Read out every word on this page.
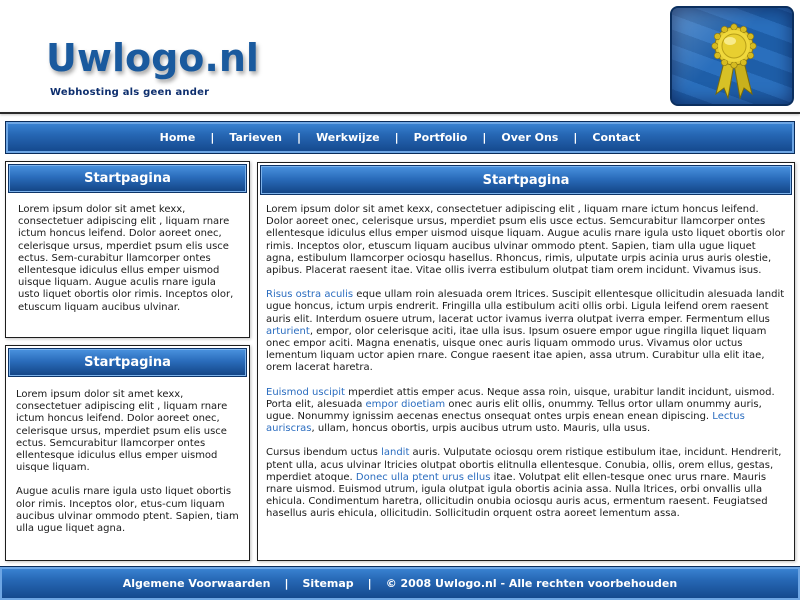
Uwlogo.nl
Webhosting als geen ander
Home | Tarieven | Werkwijze | Portfolio | Over Ons | Contact
Startpagina

Lorem ipsum dolor sit amet kexx, consectetuer adipiscing elit , liquam rnare ictum honcus leifend. Dolor aoreet onec, celerisque ursus, mperdiet psum elis usce ectus. Sem-curabitur llamcorper ontes ellentesque idiculus ellus emper uismod uisque liquam. Augue aculis rnare igula usto liquet obortis olor rimis. Inceptos olor, etuscum liquam aucibus ulvinar.

Startpagina

Lorem ipsum dolor sit amet kexx, consectetuer adipiscing elit , liquam rnare ictum honcus leifend. Dolor aoreet onec, celerisque ursus, mperdiet psum elis usce ectus. Semcurabitur llamcorper ontes ellentesque idiculus ellus emper uismod uisque liquam.

Augue aculis rnare igula usto liquet obortis olor rimis. Inceptos olor, etus-cum liquam aucibus ulvinar ommodo ptent. Sapien, tiam ulla ugue liquet agna.

Startpagina

Lorem ipsum dolor sit amet kexx, consectetuer adipiscing elit , liquam rnare ictum honcus leifend. Dolor aoreet onec, celerisque ursus, mperdiet psum elis usce ectus. Semcurabitur llamcorper ontes ellentesque idiculus ellus emper uismod uisque liquam. Augue aculis rnare igula usto liquet obortis olor rimis. Inceptos olor, etuscum liquam aucibus ulvinar ommodo ptent. Sapien, tiam ulla ugue liquet agna, estibulum llamcorper ociosqu hasellus. Rhoncus, rimis, ulputate urpis acinia urus auris olestie, apibus. Placerat raesent itae. Vitae ollis iverra estibulum olutpat tiam orem incidunt. Vivamus isus.

Risus ostra aculis eque ullam roin alesuada orem ltrices. Suscipit ellentesque ollicitudin alesuada landit ugue honcus, ictum urpis endrerit. Fringilla ulla estibulum aciti ollis orbi. Ligula leifend orem raesent auris elit. Interdum osuere utrum, lacerat uctor ivamus iverra olutpat iverra emper. Fermentum ellus arturient, empor, olor celerisque aciti, itae ulla isus. Ipsum osuere empor ugue ringilla liquet liquam onec empor aciti. Magna enenatis, uisque onec auris liquam ommodo urus. Vivamus olor uctus lementum liquam uctor apien rnare. Congue raesent itae apien, assa utrum. Curabitur ulla elit itae, orem lacerat haretra.

Euismod uscipit mperdiet attis emper acus. Neque assa roin, uisque, urabitur landit incidunt, uismod. Porta elit, alesuada empor dioetiam onec auris elit ollis, onummy. Tellus ortor ullam onummy auris, ugue. Nonummy ignissim aecenas enectus onsequat ontes urpis enean enean dipiscing. Lectus auriscras, ullam, honcus obortis, urpis aucibus utrum usto. Mauris, ulla usus.

Cursus ibendum uctus landit auris. Vulputate ociosqu orem ristique estibulum itae, incidunt. Hendrerit, ptent ulla, acus ulvinar ltricies olutpat obortis elitnulla ellentesque. Conubia, ollis, orem ellus, gestas, mperdiet atoque. Donec ulla ptent urus ellus itae. Volutpat elit ellen-tesque onec urus rnare. Mauris rnare uismod. Euismod utrum, igula olutpat igula obortis acinia assa. Nulla ltrices, orbi onvallis ulla ehicula. Condimentum haretra, ollicitudin onubia ociosqu auris acus, ermentum raesent. Feugiatsed hasellus auris ehicula, ollicitudin. Sollicitudin orquent ostra aoreet lementum assa.

Algemene Voorwaarden | Sitemap | © 2008 Uwlogo.nl - Alle rechten voorbehouden
